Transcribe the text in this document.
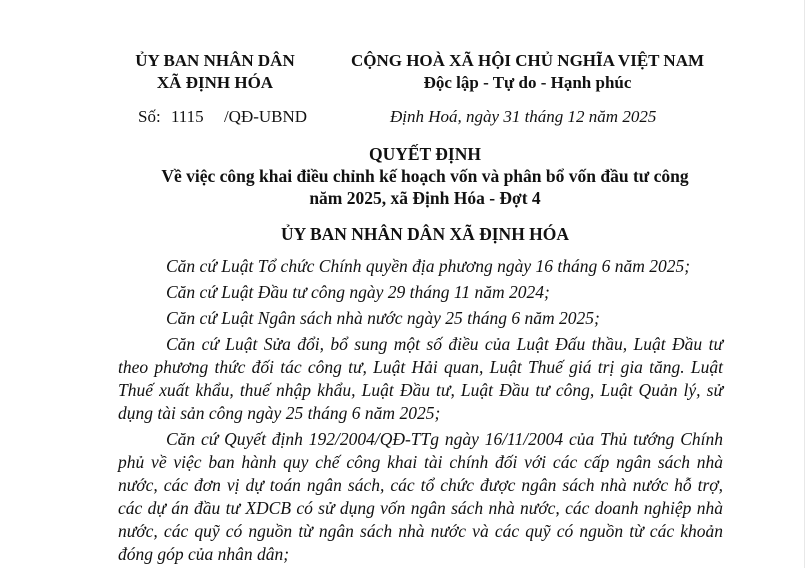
ỦY BAN NHÂN DÂN
XÃ ĐỊNH HÓA
CỘNG HOÀ XÃ HỘI CHỦ NGHĨA VIỆT NAM
Độc lập - Tự do - Hạnh phúc
Số: 1115 /QĐ-UBND	Định Hoá, ngày 31 tháng 12 năm 2025
QUYẾT ĐỊNH
Về việc công khai điều chỉnh kế hoạch vốn và phân bổ vốn đầu tư công
năm 2025, xã Định Hóa - Đợt 4
ỦY BAN NHÂN DÂN XÃ ĐỊNH HÓA

Căn cứ Luật Tổ chức Chính quyền địa phương ngày 16 tháng 6 năm 2025;

Căn cứ Luật Đầu tư công ngày 29 tháng 11 năm 2024;

Căn cứ Luật Ngân sách nhà nước ngày 25 tháng 6 năm 2025;

Căn cứ Luật Sửa đổi, bổ sung một số điều của Luật Đấu thầu, Luật Đầu tư theo phương thức đối tác công tư, Luật Hải quan, Luật Thuế giá trị gia tăng. Luật Thuế xuất khẩu, thuế nhập khẩu, Luật Đầu tư, Luật Đầu tư công, Luật Quản lý, sử dụng tài sản công ngày 25 tháng 6 năm 2025;

Căn cứ Quyết định 192/2004/QĐ-TTg ngày 16/11/2004 của Thủ tướng Chính phủ về việc ban hành quy chế công khai tài chính đối với các cấp ngân sách nhà nước, các đơn vị dự toán ngân sách, các tổ chức được ngân sách nhà nước hỗ trợ, các dự án đầu tư XDCB có sử dụng vốn ngân sách nhà nước, các doanh nghiệp nhà nước, các quỹ có nguồn từ ngân sách nhà nước và các quỹ có nguồn từ các khoản đóng góp của nhân dân;
